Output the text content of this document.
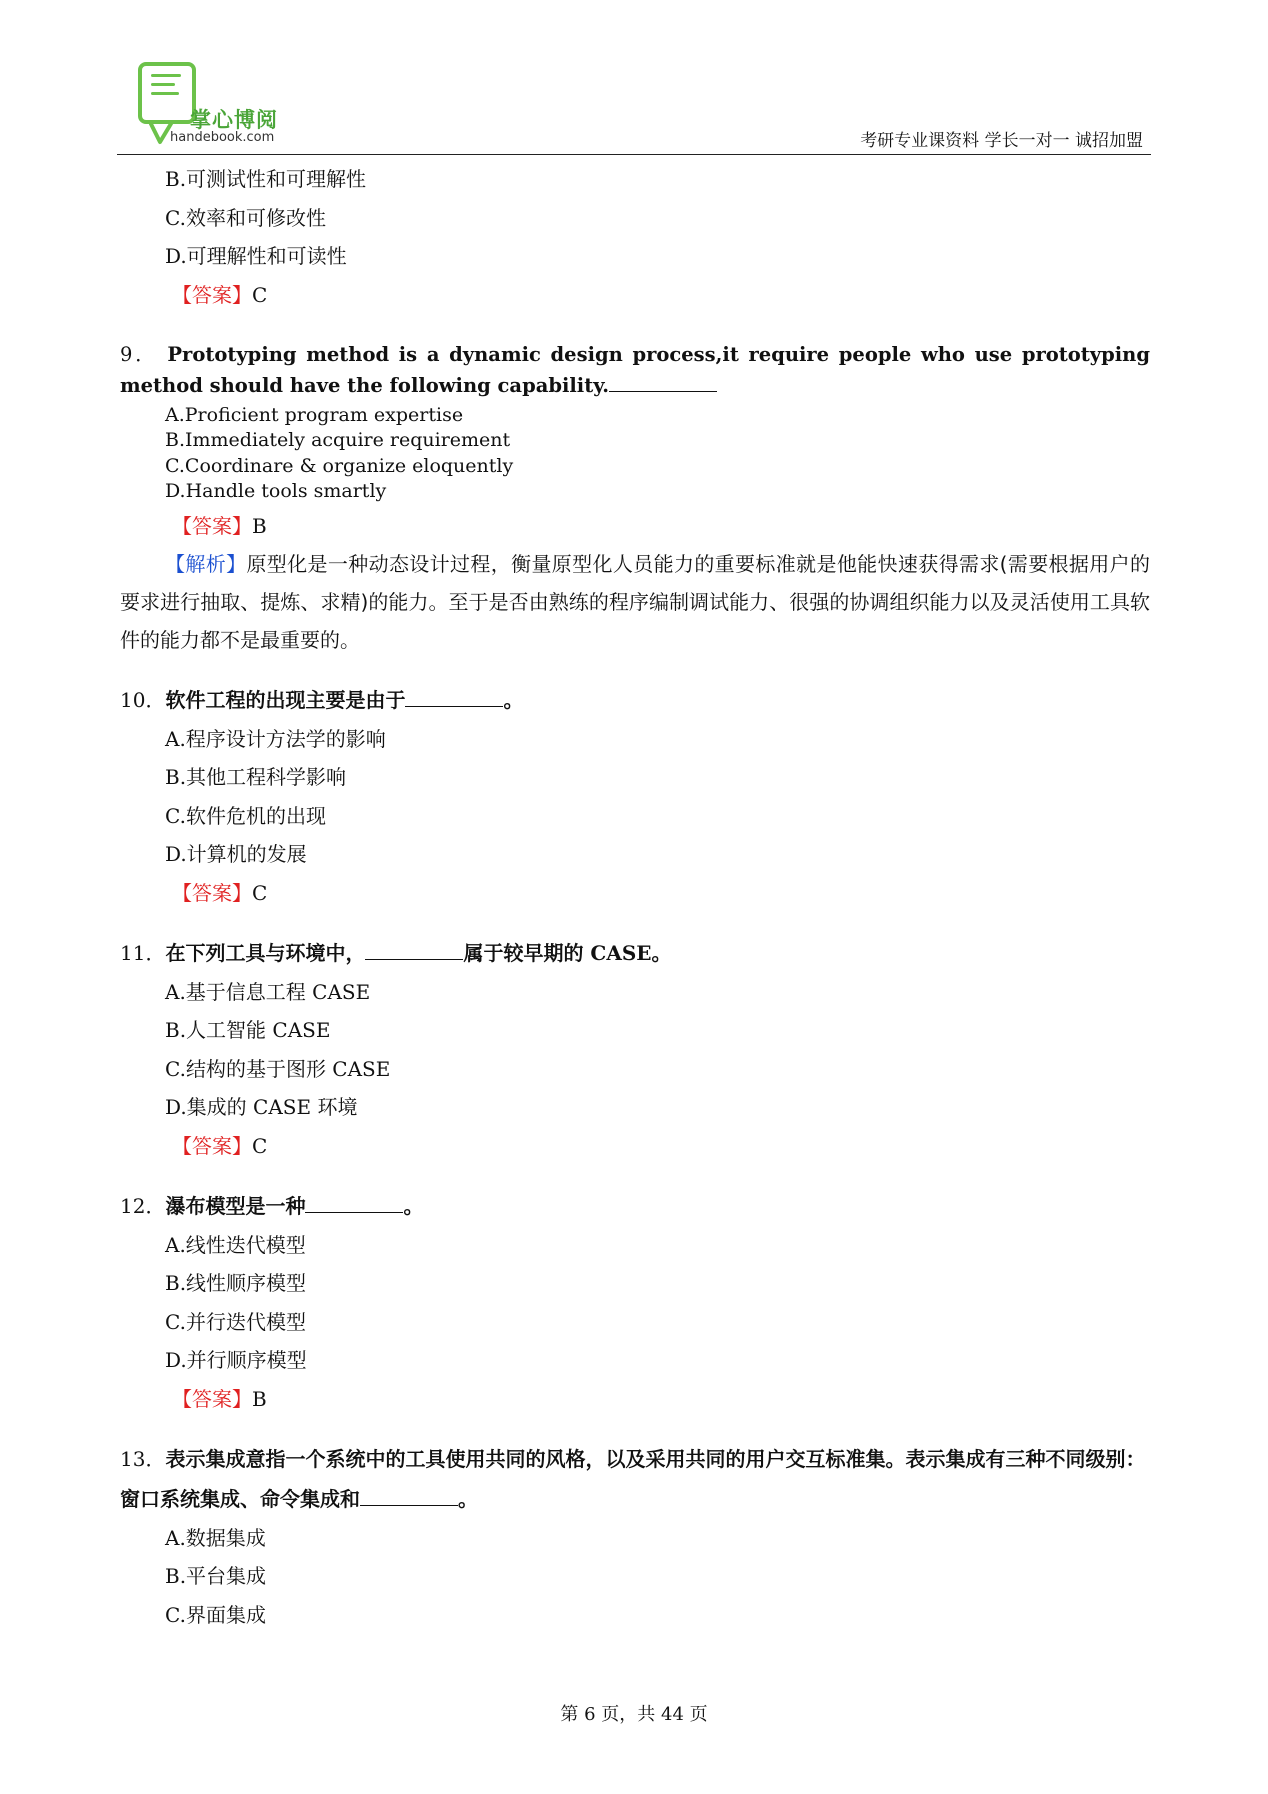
掌心博阅
handebook.com	考研专业课资料 学长一对一 诚招加盟
B.可测试性和可理解性
C.效率和可修改性
D.可理解性和可读性
【答案】C
9． Prototyping method is a dynamic design process,it require people who use prototyping method should have the following capability.
A.Proficient program expertise
B.Immediately acquire requirement
C.Coordinare & organize eloquently
D.Handle tools smartly
【答案】B
【解析】原型化是一种动态设计过程，衡量原型化人员能力的重要标准就是他能快速获得需求(需要根据用户的要求进行抽取、提炼、求精)的能力。至于是否由熟练的程序编制调试能力、很强的协调组织能力以及灵活使用工具软件的能力都不是最重要的。
10．软件工程的出现主要是由于	。
A.程序设计方法学的影响
B.其他工程科学影响
C.软件危机的出现
D.计算机的发展
【答案】C
11．在下列工具与环境中，	属于较早期的 CASE。
A.基于信息工程 CASE
B.人工智能 CASE
C.结构的基于图形 CASE
D.集成的 CASE 环境
【答案】C
12．瀑布模型是一种	。
A.线性迭代模型
B.线性顺序模型
C.并行迭代模型
D.并行顺序模型
【答案】B
13．表示集成意指一个系统中的工具使用共同的风格，以及采用共同的用户交互标准集。表示集成有三种不同级别：窗口系统集成、命令集成和	。
A.数据集成
B.平台集成
C.界面集成
第 6 页，共 44 页
